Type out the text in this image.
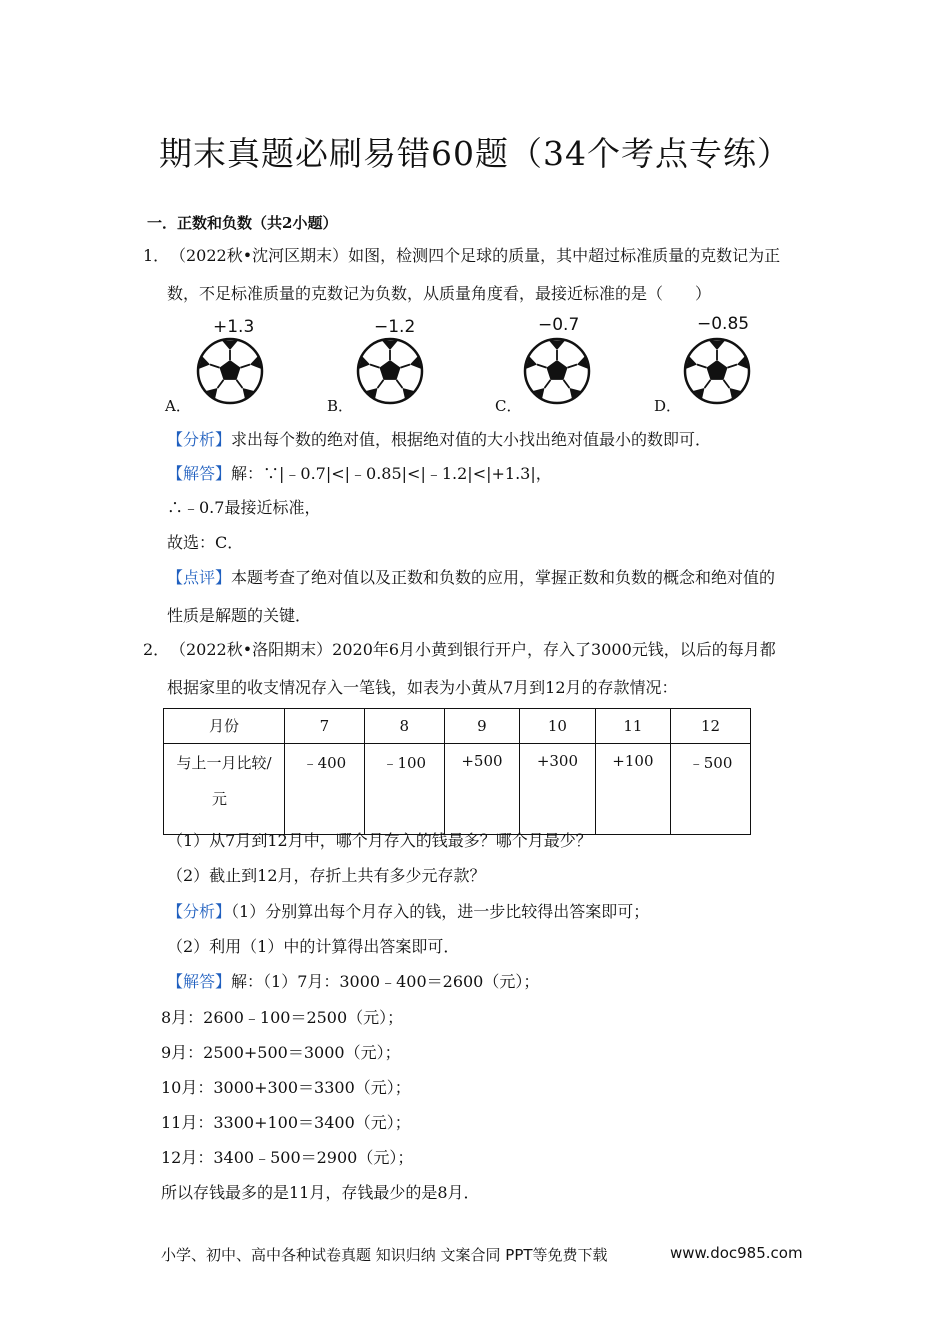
期末真题必刷易错60题（34个考点专练）
一．正数和负数（共2小题）
1． （2022秋•沈河区期末）如图，检测四个足球的质量，其中超过标准质量的克数记为正
数，不足标准质量的克数记为负数，从质量角度看，最接近标准的是（　　）
+1.3
A．
−1.2
B．
−0.7
C．
−0.85
D．
【分析】求出每个数的绝对值，根据绝对值的大小找出绝对值最小的数即可．
【解答】解：∵|﹣0.7|<|﹣0.85|<|﹣1.2|<|+1.3|，
∴﹣0.7最接近标准，
故选：C．
【点评】本题考查了绝对值以及正数和负数的应用，掌握正数和负数的概念和绝对值的
性质是解题的关键．
2． （2022秋•洛阳期末）2020年6月小黄到银行开户，存入了3000元钱，以后的每月都
根据家里的收支情况存入一笔钱，如表为小黄从7月到12月的存款情况：
月份	7	8	9	10	11	12

与上一月比较/
元	﹣400	﹣100	+500	+300	+100	﹣500
（1）从7月到12月中，哪个月存入的钱最多？哪个月最少？
（2）截止到12月，存折上共有多少元存款？
【分析】（1）分别算出每个月存入的钱，进一步比较得出答案即可；
（2）利用（1）中的计算得出答案即可．
【解答】解：（1）7月：3000﹣400＝2600（元）；
8月：2600﹣100＝2500（元）；
9月：2500+500＝3000（元）；
10月：3000+300＝3300（元）；
11月：3300+100＝3400（元）；
12月：3400﹣500＝2900（元）；
所以存钱最多的是11月，存钱最少的是8月．
小学、初中、高中各种试卷真题 知识归纳 文案合同 PPT等免费下载	www.doc985.com
